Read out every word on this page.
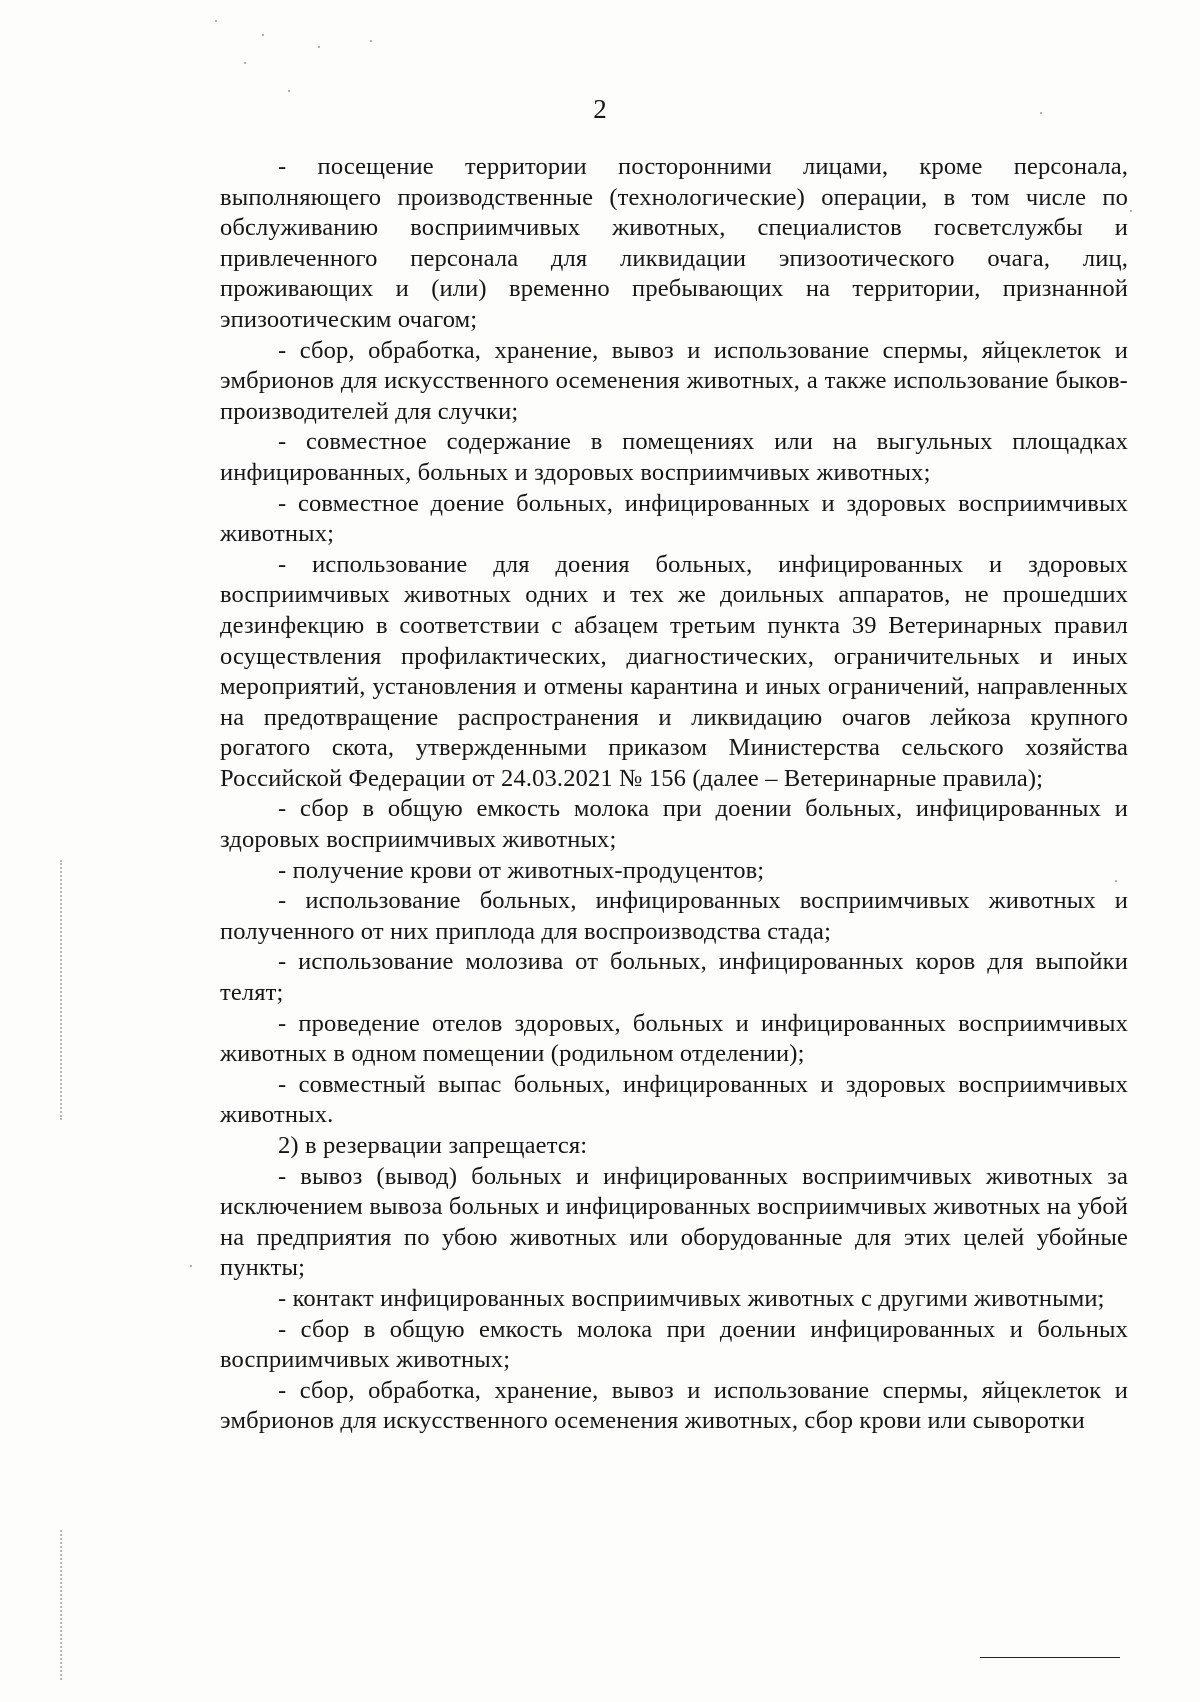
2

- посещение территории посторонними лицами, кроме персонала, выполняющего производственные (технологические) операции, в том числе по обслуживанию восприимчивых животных, специалистов госветслужбы и привлеченного персонала для ликвидации эпизоотического очага, лиц, проживающих и (или) временно пребывающих на территории, признанной эпизоотическим очагом;

- сбор, обработка, хранение, вывоз и использование спермы, яйцеклеток и эмбрионов для искусственного осеменения животных, а также использование быков-производителей для случки;

- совместное содержание в помещениях или на выгульных площадках инфицированных, больных и здоровых восприимчивых животных;

- совместное доение больных, инфицированных и здоровых восприимчивых животных;

- использование для доения больных, инфицированных и здоровых восприимчивых животных одних и тех же доильных аппаратов, не прошедших дезинфекцию в соответствии с абзацем третьим пункта 39 Ветеринарных правил осуществления профилактических, диагностических, ограничительных и иных мероприятий, установления и отмены карантина и иных ограничений, направленных на предотвращение распространения и ликвидацию очагов лейкоза крупного рогатого скота, утвержденными приказом Министерства сельского хозяйства Российской Федерации от 24.03.2021 № 156 (далее – Ветеринарные правила);

- сбор в общую емкость молока при доении больных, инфицированных и здоровых восприимчивых животных;

- получение крови от животных-продуцентов;

- использование больных, инфицированных восприимчивых животных и полученного от них приплода для воспроизводства стада;

- использование молозива от больных, инфицированных коров для выпойки телят;

- проведение отелов здоровых, больных и инфицированных восприимчивых животных в одном помещении (родильном отделении);

- совместный выпас больных, инфицированных и здоровых восприимчивых животных.

2) в резервации запрещается:

- вывоз (вывод) больных и инфицированных восприимчивых животных за исключением вывоза больных и инфицированных восприимчивых животных на убой на предприятия по убою животных или оборудованные для этих целей убойные пункты;

- контакт инфицированных восприимчивых животных с другими животными;

- сбор в общую емкость молока при доении инфицированных и больных восприимчивых животных;

- сбор, обработка, хранение, вывоз и использование спермы, яйцеклеток и эмбрионов для искусственного осеменения животных, сбор крови или сыворотки
